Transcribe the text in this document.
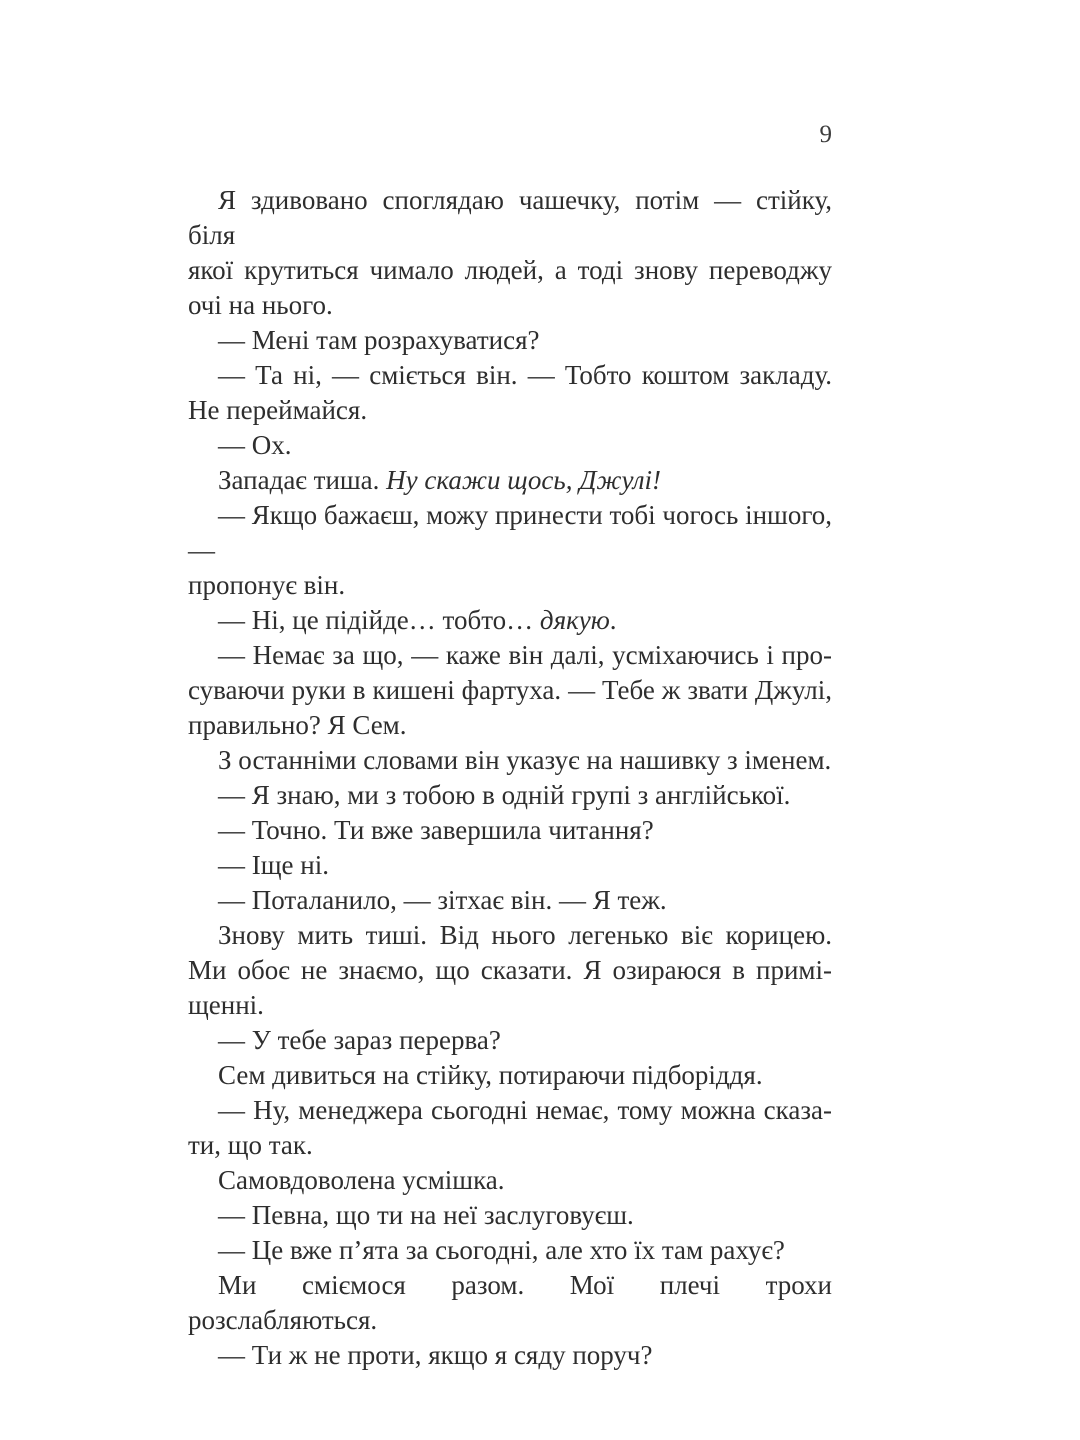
9
Я здивовано споглядаю чашечку, потім — стійку, біля
якої крутиться чимало людей, а тоді знову переводжу
очі на нього.
— Мені там розрахуватися?
— Та ні, — сміється він. — Тобто коштом закладу.
Не переймайся.
— Ох.
Западає тиша. Ну скажи щось, Джулі!
— Якщо бажаєш, можу принести тобі чогось іншого, —
пропонує він.
— Ні, це підійде… тобто… дякую.
— Немає за що, — каже він далі, усміхаючись і про-
суваючи руки в кишені фартуха. — Тебе ж звати Джулі,
правильно? Я Сем.
З останніми словами він указує на нашивку з іменем.
— Я знаю, ми з тобою в одній групі з англійської.
— Точно. Ти вже завершила читання?
— Іще ні.
— Поталанило, — зітхає він. — Я теж.
Знову мить тиші. Від нього легенько віє корицею.
Ми обоє не знаємо, що сказати. Я озираюся в примі-
щенні.
— У тебе зараз перерва?
Сем дивиться на стійку, потираючи підборіддя.
— Ну, менеджера сьогодні немає, тому можна сказа-
ти, що так.
Самовдоволена усмішка.
— Певна, що ти на неї заслуговуєш.
— Це вже п’ята за сьогодні, але хто їх там рахує?
Ми сміємося разом. Мої плечі трохи розслабляються.
— Ти ж не проти, якщо я сяду поруч?
